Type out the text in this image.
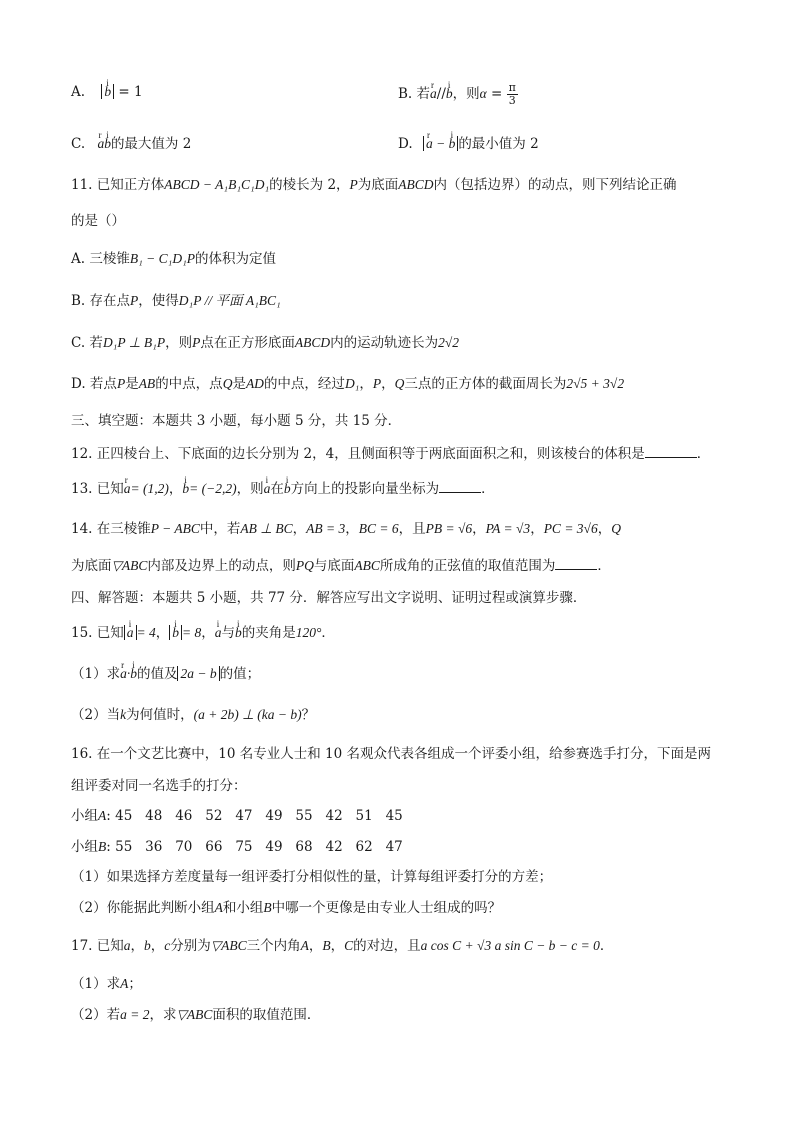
A. i b = 1	B. 若r a//i b，则$\alpha = \frac{\pi}{3}$
C. r ai b的最大值为 2	D. r a − i b 的最小值为 2
11. 已知正方体ABCD − A₁B₁C₁D₁的棱长为 2，P为底面ABCD内（包括边界）的动点，则下列结论正确
的是（）
A. 三棱锥B₁ − C₁D₁P的体积为定值
B. 存在点P，使得D₁P // 平面 A₁BC₁
C. 若D₁P ⊥ B₁P，则P点在正方形底面ABCD内的运动轨迹长为2√2
D. 若点P是AB的中点，点Q是AD的中点，经过D₁，P，Q三点的正方体的截面周长为2√5 + 3√2
三、填空题：本题共 3 小题，每小题 5 分，共 15 分．
12. 正四棱台上、下底面的边长分别为 2，4，且侧面积等于两底面面积之和，则该棱台的体积是	．
13. 已知r a= (1,2)，i b= (−2,2)，则i a在i b方向上的投影向量坐标为	．
14. 在三棱锥P − ABC中，若AB ⊥ BC，AB = 3，BC = 6，且PB = √6，PA = √3，PC = 3√6，Q
为底面▽ABC内部及边界上的动点，则PQ与底面ABC所成角的正弦值的取值范围为	．
四、解答题：本题共 5 小题，共 77 分．解答应写出文字说明、证明过程或演算步骤．
15. 已知 i a = 4， i b = 8，i a与i b的夹角是120°．
（1）求r a·i b的值及 2a − b 的值；
（2）当k为何值时，(a + 2b) ⊥ (ka − b)？
16. 在一个文艺比赛中，10 名专业人士和 10 名观众代表各组成一个评委小组，给参赛选手打分，下面是两
组评委对同一名选手的打分：
小组A: 45   48   46   52   47   49   55   42   51   45
小组B: 55   36   70   66   75   49   68   42   62   47
（1）如果选择方差度量每一组评委打分相似性的量，计算每组评委打分的方差；
（2）你能据此判断小组A和小组B中哪一个更像是由专业人士组成的吗？
17. 已知a，b，c分别为▽ABC三个内角A，B，C的对边，且a cos C + √3 a sin C − b − c = 0．
（1）求A；
（2）若a = 2，求▽ABC面积的取值范围．
